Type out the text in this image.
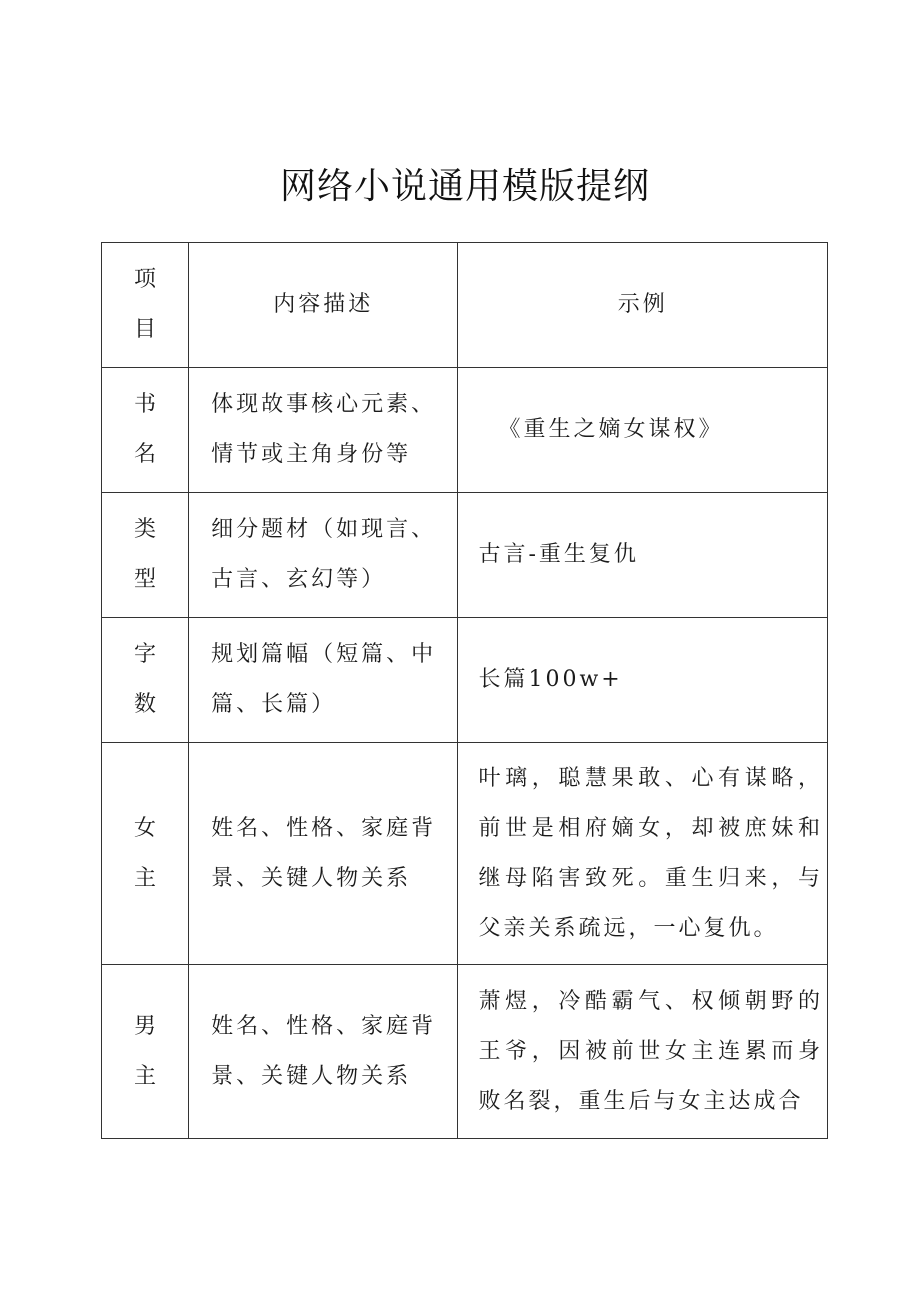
网络小说通用模版提纲
项目	内容描述	示例
书名	体现故事核心元素、情节或主角身份等	《重生之嫡女谋权》

类型	细分题材（如现言、古言、玄幻等）	古言-重生复仇

字数	规划篇幅（短篇、中篇、长篇）	长篇100w+

女主	姓名、性格、家庭背景、关键人物关系	叶璃，聪慧果敢、心有谋略，前世是相府嫡女，却被庶妹和继母陷害致死。重生归来，与父亲关系疏远，一心复仇。

男主	姓名、性格、家庭背景、关键人物关系	萧煜，冷酷霸气、权倾朝野的王爷，因被前世女主连累而身败名裂，重生后与女主达成合
